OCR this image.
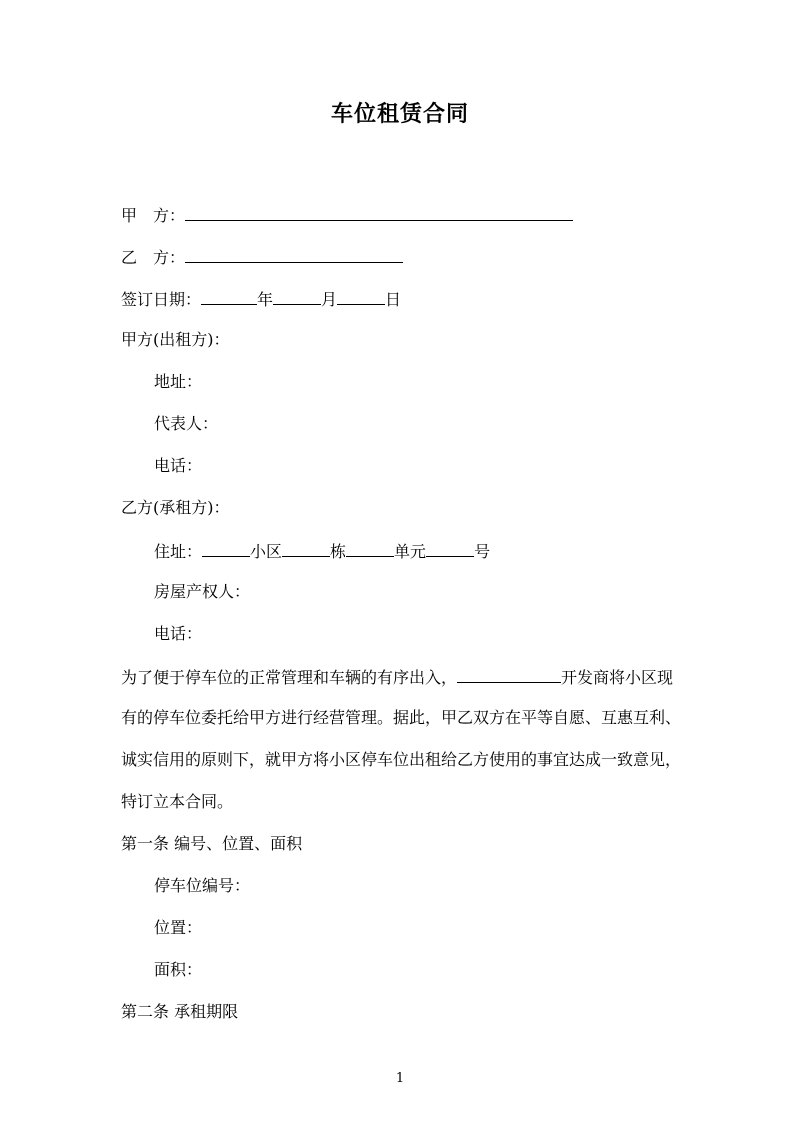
车位租赁合同
甲　方：
乙　方：
签订日期：	年	月	日
甲方(出租方)：
地址：
代表人：
电话：
乙方(承租方)：
住址：	小区	栋	单元	号
房屋产权人：
电话：
为了便于停车位的正常管理和车辆的有序出入，	开发商将小区现
有的停车位委托给甲方进行经营管理。据此，甲乙双方在平等自愿、互惠互利、
诚实信用的原则下，就甲方将小区停车位出租给乙方使用的事宜达成一致意见，
特订立本合同。
第一条 编号、位置、面积
停车位编号：
位置：
面积：
第二条 承租期限
1
